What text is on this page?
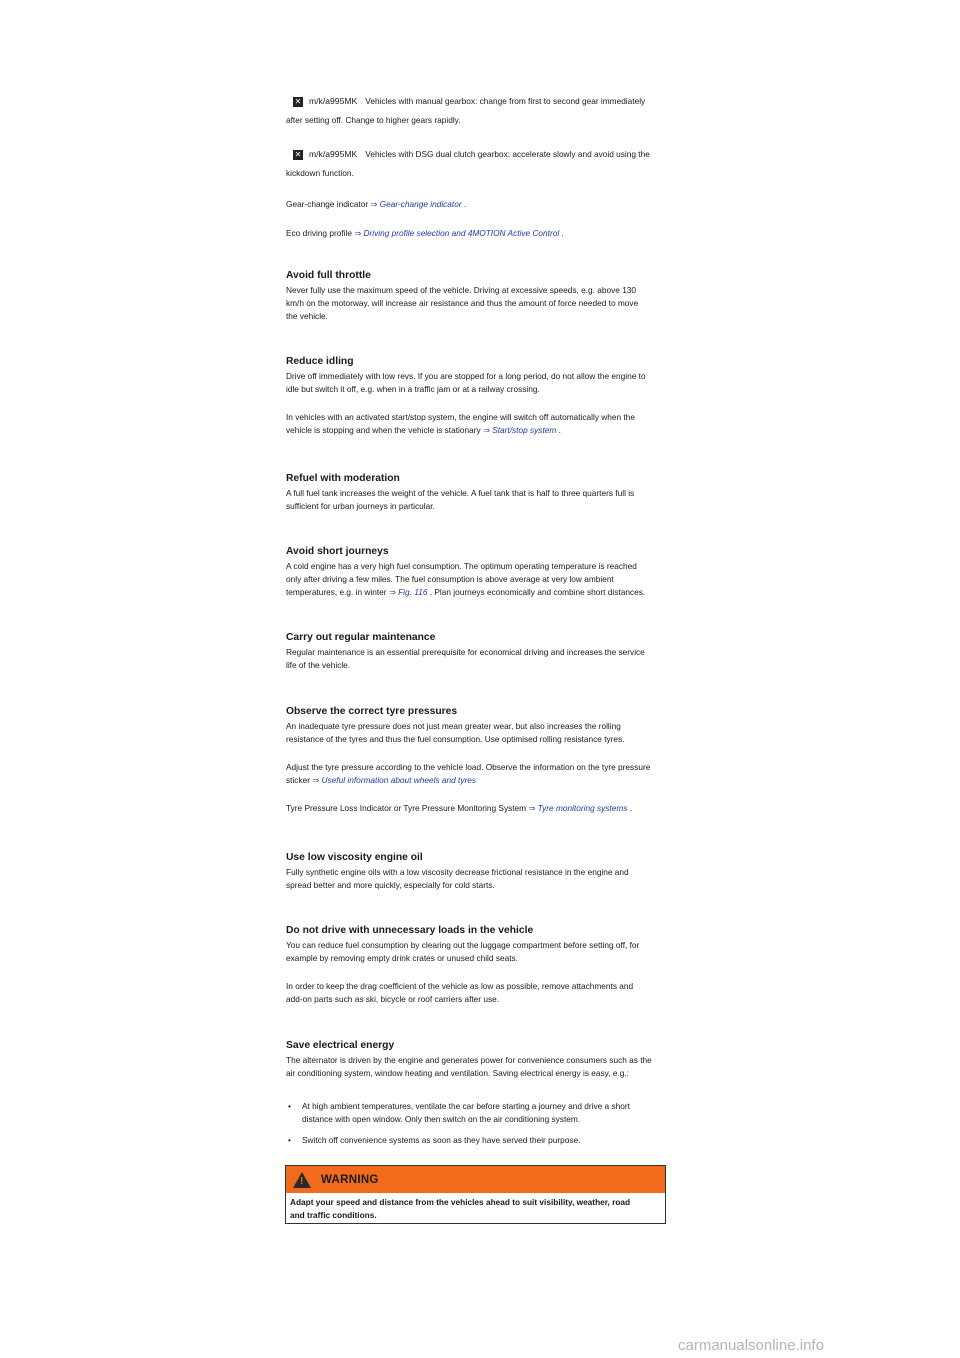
✕ m/k/a995MK Vehicles with manual gearbox: change from first to second gear immediately

after setting off. Change to higher gears rapidly.

✕ m/k/a995MK Vehicles with DSG dual clutch gearbox: accelerate slowly and avoid using the

kickdown function.

Gear-change indicator ⇒ Gear-change indicator .

Eco driving profile ⇒ Driving profile selection and 4MOTION Active Control .

Avoid full throttle

Never fully use the maximum speed of the vehicle. Driving at excessive speeds, e.g. above 130

km/h on the motorway, will increase air resistance and thus the amount of force needed to move

the vehicle.

Reduce idling

Drive off immediately with low revs. If you are stopped for a long period, do not allow the engine to

idle but switch it off, e.g. when in a traffic jam or at a railway crossing.

In vehicles with an activated start/stop system, the engine will switch off automatically when the

vehicle is stopping and when the vehicle is stationary ⇒ Start/stop system .

Refuel with moderation

A full fuel tank increases the weight of the vehicle. A fuel tank that is half to three quarters full is

sufficient for urban journeys in particular.

Avoid short journeys

A cold engine has a very high fuel consumption. The optimum operating temperature is reached

only after driving a few miles. The fuel consumption is above average at very low ambient

temperatures, e.g. in winter ⇒ Fig. 116 . Plan journeys economically and combine short distances.

Carry out regular maintenance

Regular maintenance is an essential prerequisite for economical driving and increases the service

life of the vehicle.

Observe the correct tyre pressures

An inadequate tyre pressure does not just mean greater wear, but also increases the rolling

resistance of the tyres and thus the fuel consumption. Use optimised rolling resistance tyres.

Adjust the tyre pressure according to the vehicle load. Observe the information on the tyre pressure

sticker ⇒ Useful information about wheels and tyres

Tyre Pressure Loss Indicator or Tyre Pressure Monitoring System ⇒ Tyre monitoring systems .

Use low viscosity engine oil

Fully synthetic engine oils with a low viscosity decrease frictional resistance in the engine and

spread better and more quickly, especially for cold starts.

Do not drive with unnecessary loads in the vehicle

You can reduce fuel consumption by clearing out the luggage compartment before setting off, for

example by removing empty drink crates or unused child seats.

In order to keep the drag coefficient of the vehicle as low as possible, remove attachments and

add-on parts such as ski, bicycle or roof carriers after use.

Save electrical energy

The alternator is driven by the engine and generates power for convenience consumers such as the

air conditioning system, window heating and ventilation. Saving electrical energy is easy, e.g.:

•	At high ambient temperatures, ventilate the car before starting a journey and drive a short
distance with open window. Only then switch on the air conditioning system.
•	Switch off convenience systems as soon as they have served their purpose.
! WARNING
Adapt your speed and distance from the vehicles ahead to suit visibility, weather, road
and traffic conditions.
carmanualsonline.info
